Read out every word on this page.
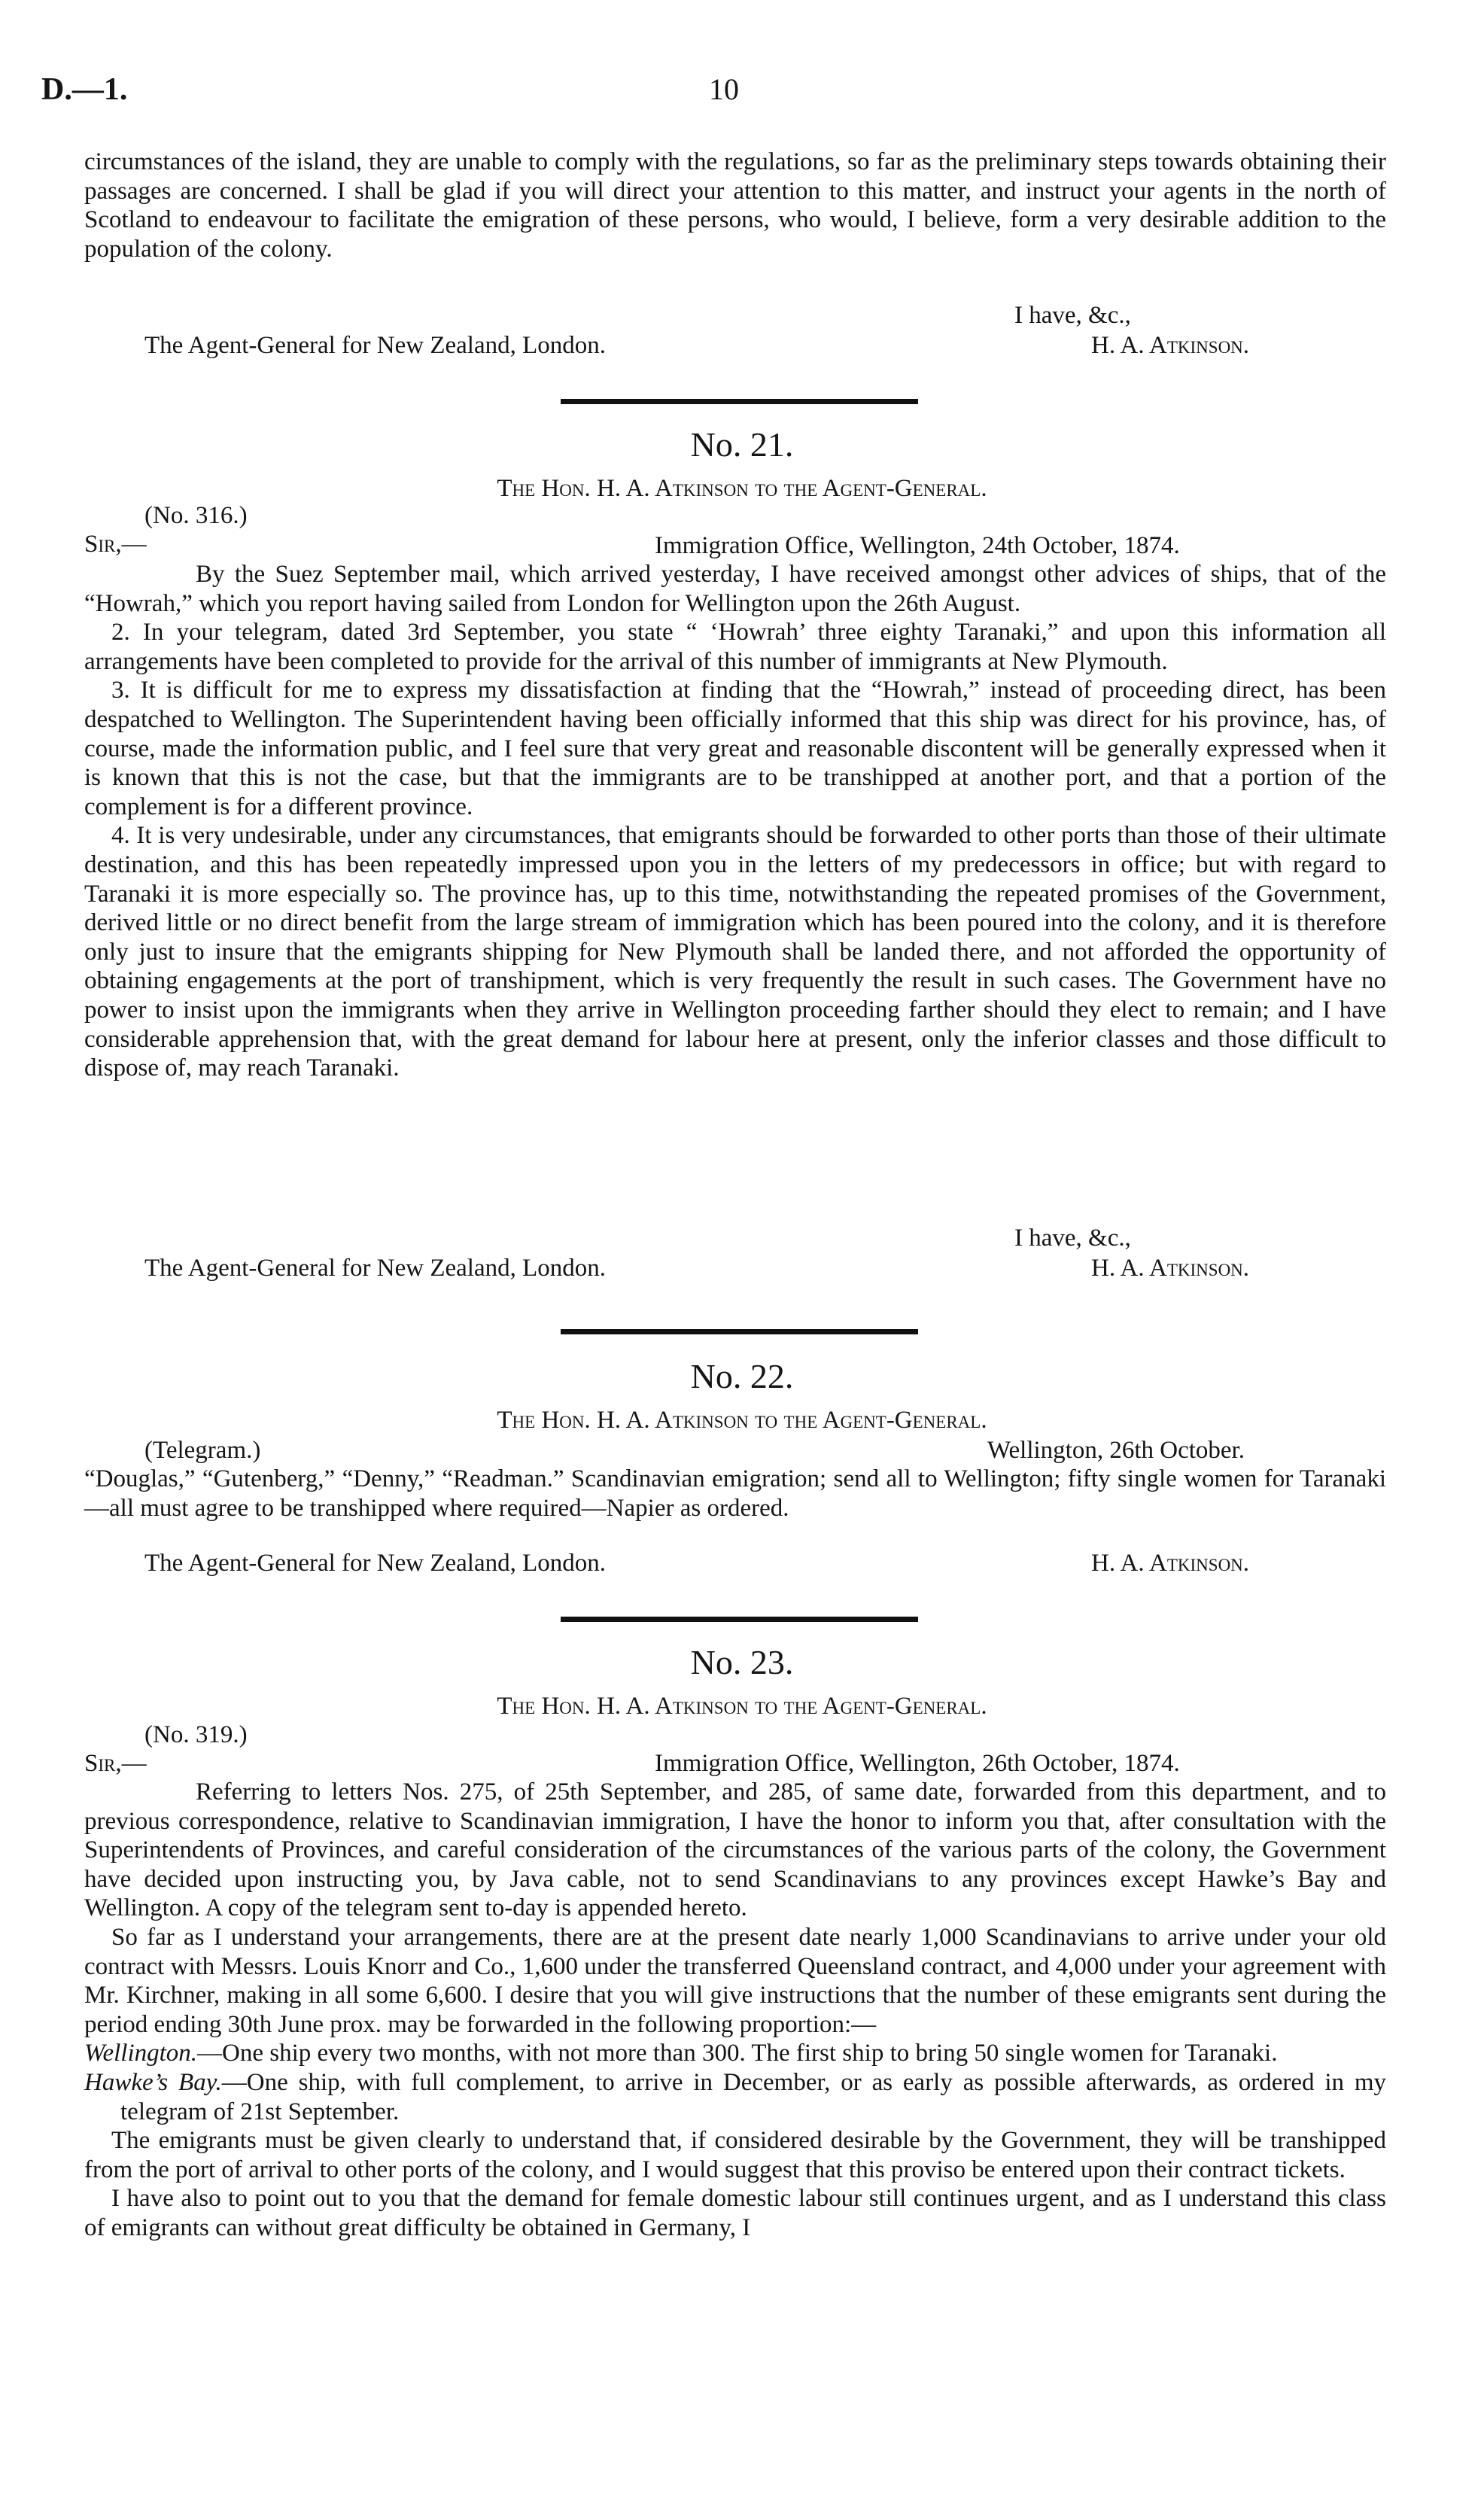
D.—1.	10

circumstances of the island, they are unable to comply with the regulations, so far as the preliminary steps towards obtaining their passages are concerned. I shall be glad if you will direct your attention to this matter, and instruct your agents in the north of Scotland to endeavour to facilitate the emigration of these persons, who would, I believe, form a very desirable addition to the population of the colony.

I have, &c.,
The Agent-General for New Zealand, London.	H. A. Atkinson.
No. 21.
The Hon. H. A. Atkinson to the Agent-General.
(No. 316.)
Sir,—	Immigration Office, Wellington, 24th October, 1874.

By the Suez September mail, which arrived yesterday, I have received amongst other advices of ships, that of the “Howrah,” which you report having sailed from London for Wellington upon the 26th August.

2. In your telegram, dated 3rd September, you state “ ‘Howrah’ three eighty Taranaki,” and upon this information all arrangements have been completed to provide for the arrival of this number of immigrants at New Plymouth.

3. It is difficult for me to express my dissatisfaction at finding that the “Howrah,” instead of proceeding direct, has been despatched to Wellington. The Superintendent having been officially informed that this ship was direct for his province, has, of course, made the information public, and I feel sure that very great and reasonable discontent will be generally expressed when it is known that this is not the case, but that the immigrants are to be transhipped at another port, and that a portion of the complement is for a different province.

4. It is very undesirable, under any circumstances, that emigrants should be forwarded to other ports than those of their ultimate destination, and this has been repeatedly impressed upon you in the letters of my predecessors in office; but with regard to Taranaki it is more especially so. The province has, up to this time, notwithstanding the repeated promises of the Government, derived little or no direct benefit from the large stream of immigration which has been poured into the colony, and it is therefore only just to insure that the emigrants shipping for New Plymouth shall be landed there, and not afforded the opportunity of obtaining engagements at the port of transhipment, which is very frequently the result in such cases. The Government have no power to insist upon the immigrants when they arrive in Wellington proceeding farther should they elect to remain; and I have considerable apprehension that, with the great demand for labour here at present, only the inferior classes and those difficult to dispose of, may reach Taranaki.

I have, &c.,
The Agent-General for New Zealand, London.	H. A. Atkinson.
No. 22.
The Hon. H. A. Atkinson to the Agent-General.
(Telegram.)	Wellington, 26th October.

“Douglas,” “Gutenberg,” “Denny,” “Readman.” Scandinavian emigration; send all to Wellington; fifty single women for Taranaki—all must agree to be transhipped where required—Napier as ordered.

The Agent-General for New Zealand, London.	H. A. Atkinson.
No. 23.
The Hon. H. A. Atkinson to the Agent-General.
(No. 319.)
Sir,—	Immigration Office, Wellington, 26th October, 1874.

Referring to letters Nos. 275, of 25th September, and 285, of same date, forwarded from this department, and to previous correspondence, relative to Scandinavian immigration, I have the honor to inform you that, after consultation with the Superintendents of Provinces, and careful consideration of the circumstances of the various parts of the colony, the Government have decided upon instructing you, by Java cable, not to send Scandinavians to any provinces except Hawke’s Bay and Wellington. A copy of the telegram sent to-day is appended hereto.

So far as I understand your arrangements, there are at the present date nearly 1,000 Scandinavians to arrive under your old contract with Messrs. Louis Knorr and Co., 1,600 under the transferred Queensland contract, and 4,000 under your agreement with Mr. Kirchner, making in all some 6,600. I desire that you will give instructions that the number of these emigrants sent during the period ending 30th June prox. may be forwarded in the following proportion:—

Wellington.—One ship every two months, with not more than 300. The first ship to bring 50 single women for Taranaki.

Hawke’s Bay.—One ship, with full complement, to arrive in December, or as early as possible afterwards, as ordered in my telegram of 21st September.

The emigrants must be given clearly to understand that, if considered desirable by the Government, they will be transhipped from the port of arrival to other ports of the colony, and I would suggest that this proviso be entered upon their contract tickets.

I have also to point out to you that the demand for female domestic labour still continues urgent, and as I understand this class of emigrants can without great difficulty be obtained in Germany, I
